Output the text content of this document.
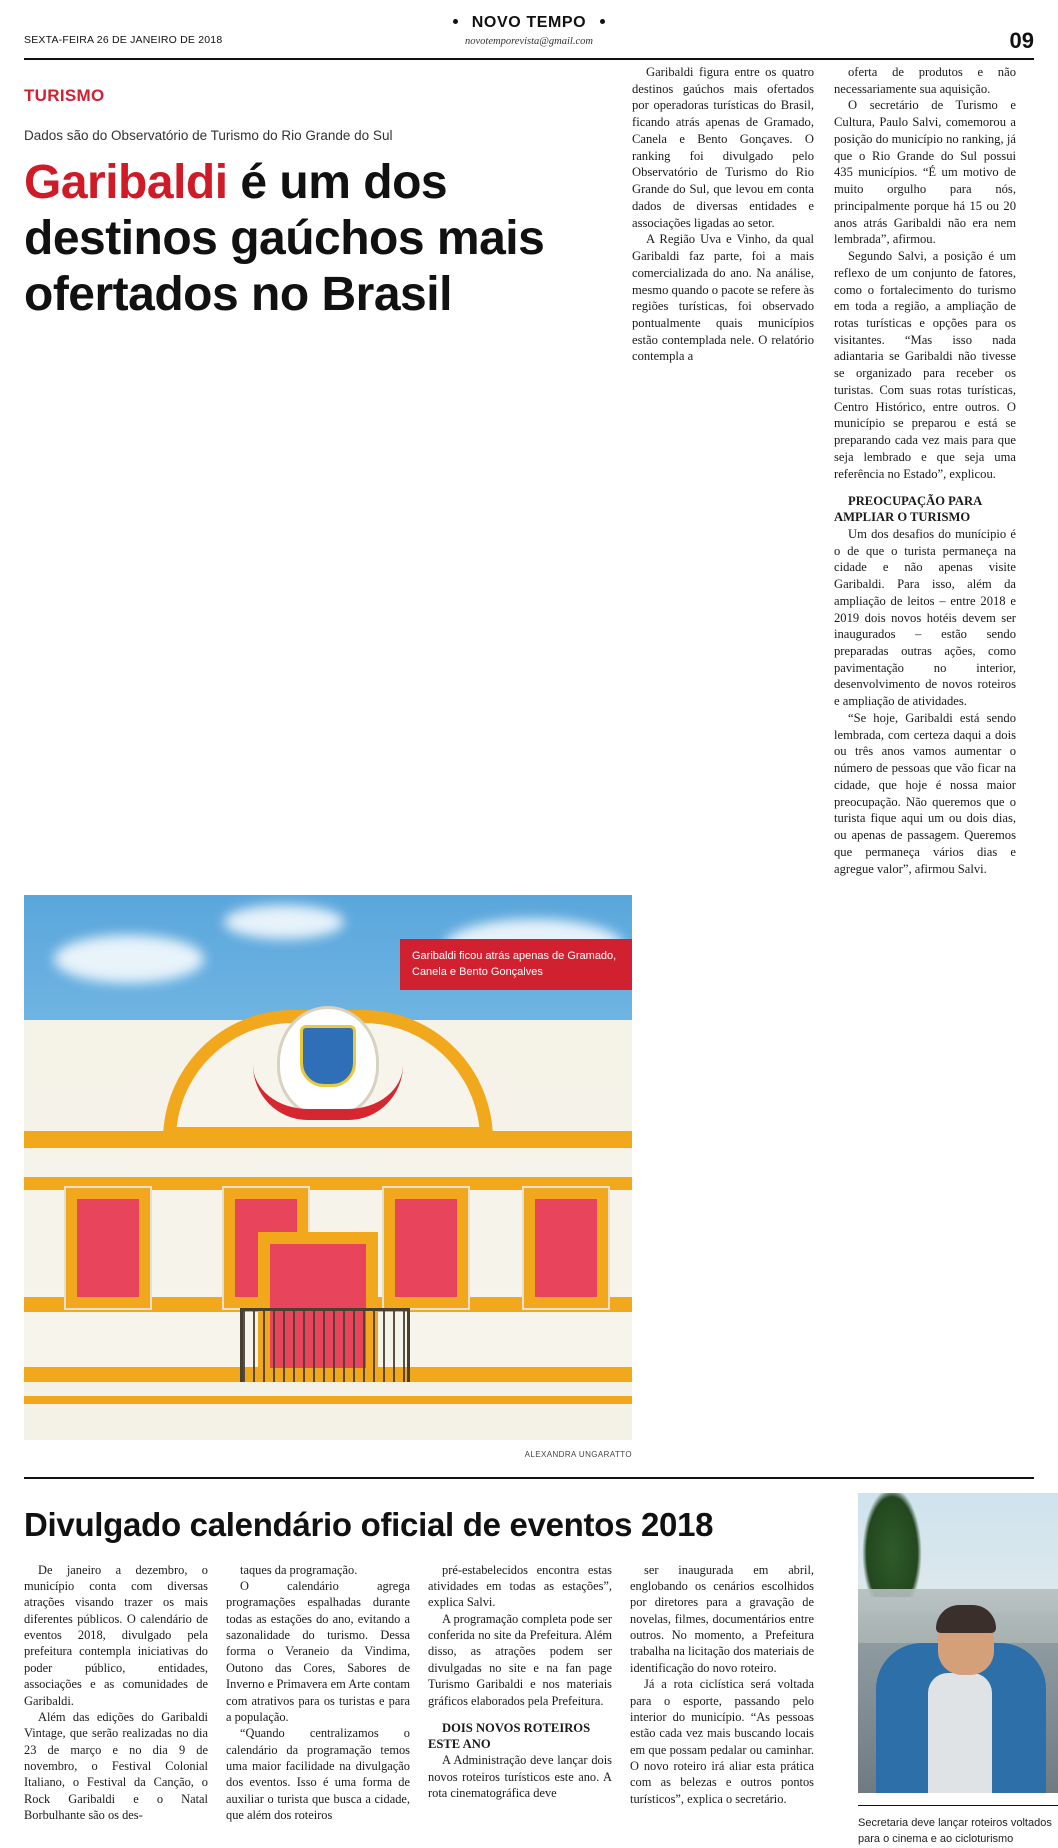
NOVO TEMPO
novotemporevista@gmail.com
SEXTA-FEIRA 26 DE JANEIRO DE 2018	09
TURISMO
Dados são do Observatório de Turismo do Rio Grande do Sul
Garibaldi é um dos destinos gaúchos mais ofertados no Brasil

Garibaldi figura entre os quatro destinos gaúchos mais ofertados por operadoras turísticas do Brasil, ficando atrás apenas de Gramado, Canela e Bento Gonçaves. O ranking foi divulgado pelo Observatório de Turismo do Rio Grande do Sul, que levou em conta dados de diversas entidades e associações ligadas ao setor.

A Região Uva e Vinho, da qual Garibaldi faz parte, foi a mais comercializada do ano. Na análise, mesmo quando o pacote se refere às regiões turísticas, foi observado pontualmente quais municípios estão contemplada nele. O relatório contempla a

oferta de produtos e não necessariamente sua aquisição.

O secretário de Turismo e Cultura, Paulo Salvi, comemorou a posição do município no ranking, já que o Rio Grande do Sul possui 435 municípios. “É um motivo de muito orgulho para nós, principalmente porque há 15 ou 20 anos atrás Garibaldi não era nem lembrada”, afirmou.

Segundo Salvi, a posição é um reflexo de um conjunto de fatores, como o fortalecimento do turismo em toda a região, a ampliação de rotas turísticas e opções para os visitantes. “Mas isso nada adiantaria se Garibaldi não tivesse se organizado para receber os turistas. Com suas rotas turísticas, Centro Histórico, entre outros. O município se preparou e está se preparando cada vez mais para que seja lembrado e que seja uma referência no Estado”, explicou.

PREOCUPAÇÃO PARA AMPLIAR O TURISMO

Um dos desafios do munícipio é o de que o turista permaneça na cidade e não apenas visite Garibaldi. Para isso, além da ampliação de leitos – entre 2018 e 2019 dois novos hotéis devem ser inaugurados – estão sendo preparadas outras ações, como pavimentação no interior, desenvolvimento de novos roteiros e ampliação de atividades.

“Se hoje, Garibaldi está sendo lembrada, com certeza daqui a dois ou três anos vamos aumentar o número de pessoas que vão ficar na cidade, que hoje é nossa maior preocupação. Não queremos que o turista fique aqui um ou dois dias, ou apenas de passagem. Queremos que permaneça vários dias e agregue valor”, afirmou Salvi.

Garibaldi ficou atrás apenas de Gramado, Canela e Bento Gonçalves
ALEXANDRA UNGARATTO
Divulgado calendário oficial de eventos 2018

De janeiro a dezembro, o município conta com diversas atrações visando trazer os mais diferentes públicos. O calendário de eventos 2018, divulgado pela prefeitura contempla iniciativas do poder público, entidades, associações e as comunidades de Garibaldi.

Além das edições do Garibaldi Vintage, que serão realizadas no dia 23 de março e no dia 9 de novembro, o Festival Colonial Italiano, o Festival da Canção, o Rock Garibaldi e o Natal Borbulhante são os des-

taques da programação.

O calendário agrega programações espalhadas durante todas as estações do ano, evitando a sazonalidade do turismo. Dessa forma o Veraneio da Vindima, Outono das Cores, Sabores de Inverno e Primavera em Arte contam com atrativos para os turistas e para a população.

“Quando centralizamos o calendário da programação temos uma maior facilidade na divulgação dos eventos. Isso é uma forma de auxiliar o turista que busca a cidade, que além dos roteiros

pré-estabelecidos encontra estas atividades em todas as estações”, explica Salvi.

A programação completa pode ser conferida no site da Prefeitura. Além disso, as atrações podem ser divulgadas no site e na fan page Turismo Garibaldi e nos materiais gráficos elaborados pela Prefeitura.

DOIS NOVOS ROTEIROS ESTE ANO

A Administração deve lançar dois novos roteiros turísticos este ano. A rota cinematográfica deve

ser inaugurada em abril, englobando os cenários escolhidos por diretores para a gravação de novelas, filmes, documentários entre outros. No momento, a Prefeitura trabalha na licitação dos materiais de identificação do novo roteiro.

Já a rota ciclística será voltada para o esporte, passando pelo interior do município. “As pessoas estão cada vez mais buscando locais em que possam pedalar ou caminhar. O novo roteiro irá aliar esta prática com as belezas e outros pontos turísticos”, explica o secretário.

Secretaria deve lançar roteiros voltados para o cinema e ao cicloturismo
